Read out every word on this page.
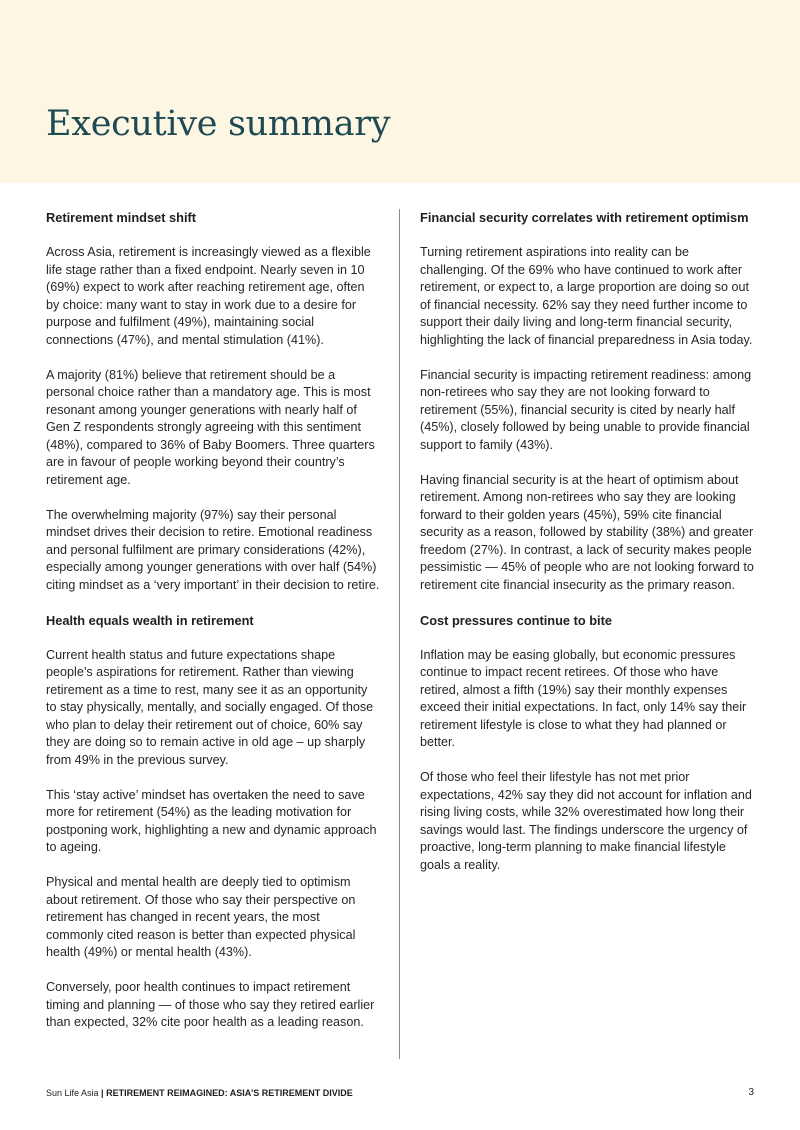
Executive summary
Retirement mindset shift

Across Asia, retirement is increasingly viewed as a flexible life stage rather than a fixed endpoint. Nearly seven in 10 (69%) expect to work after reaching retirement age, often by choice: many want to stay in work due to a desire for purpose and fulfilment (49%), maintaining social connections (47%), and mental stimulation (41%).

A majority (81%) believe that retirement should be a personal choice rather than a mandatory age. This is most resonant among younger generations with nearly half of Gen Z respondents strongly agreeing with this sentiment (48%), compared to 36% of Baby Boomers. Three quarters are in favour of people working beyond their country’s retirement age.

The overwhelming majority (97%) say their personal mindset drives their decision to retire. Emotional readiness and personal fulfilment are primary considerations (42%), especially among younger generations with over half (54%) citing mindset as a ‘very important’ in their decision to retire.

Health equals wealth in retirement

Current health status and future expectations shape people’s aspirations for retirement. Rather than viewing retirement as a time to rest, many see it as an opportunity to stay physically, mentally, and socially engaged. Of those who plan to delay their retirement out of choice, 60% say they are doing so to remain active in old age – up sharply from 49% in the previous survey.

This ‘stay active’ mindset has overtaken the need to save more for retirement (54%) as the leading motivation for postponing work, highlighting a new and dynamic approach to ageing.

Physical and mental health are deeply tied to optimism about retirement. Of those who say their perspective on retirement has changed in recent years, the most commonly cited reason is better than expected physical health (49%) or mental health (43%).

Conversely, poor health continues to impact retirement timing and planning — of those who say they retired earlier than expected, 32% cite poor health as a leading reason.

Financial security correlates with retirement optimism

Turning retirement aspirations into reality can be challenging. Of the 69% who have continued to work after retirement, or expect to, a large proportion are doing so out of financial necessity. 62% say they need further income to support their daily living and long-term financial security, highlighting the lack of financial preparedness in Asia today.

Financial security is impacting retirement readiness: among non-retirees who say they are not looking forward to retirement (55%), financial security is cited by nearly half (45%), closely followed by being unable to provide financial support to family (43%).

Having financial security is at the heart of optimism about retirement. Among non-retirees who say they are looking forward to their golden years (45%), 59% cite financial security as a reason, followed by stability (38%) and greater freedom (27%). In contrast, a lack of security makes people pessimistic — 45% of people who are not looking forward to retirement cite financial insecurity as the primary reason.

Cost pressures continue to bite

Inflation may be easing globally, but economic pressures continue to impact recent retirees. Of those who have retired, almost a fifth (19%) say their monthly expenses exceed their initial expectations. In fact, only 14% say their retirement lifestyle is close to what they had planned or better.

Of those who feel their lifestyle has not met prior expectations, 42% say they did not account for inflation and rising living costs, while 32% overestimated how long their savings would last. The findings underscore the urgency of proactive, long-term planning to make financial lifestyle goals a reality.

Sun Life Asia | RETIREMENT REIMAGINED: ASIA’S RETIREMENT DIVIDE	3
